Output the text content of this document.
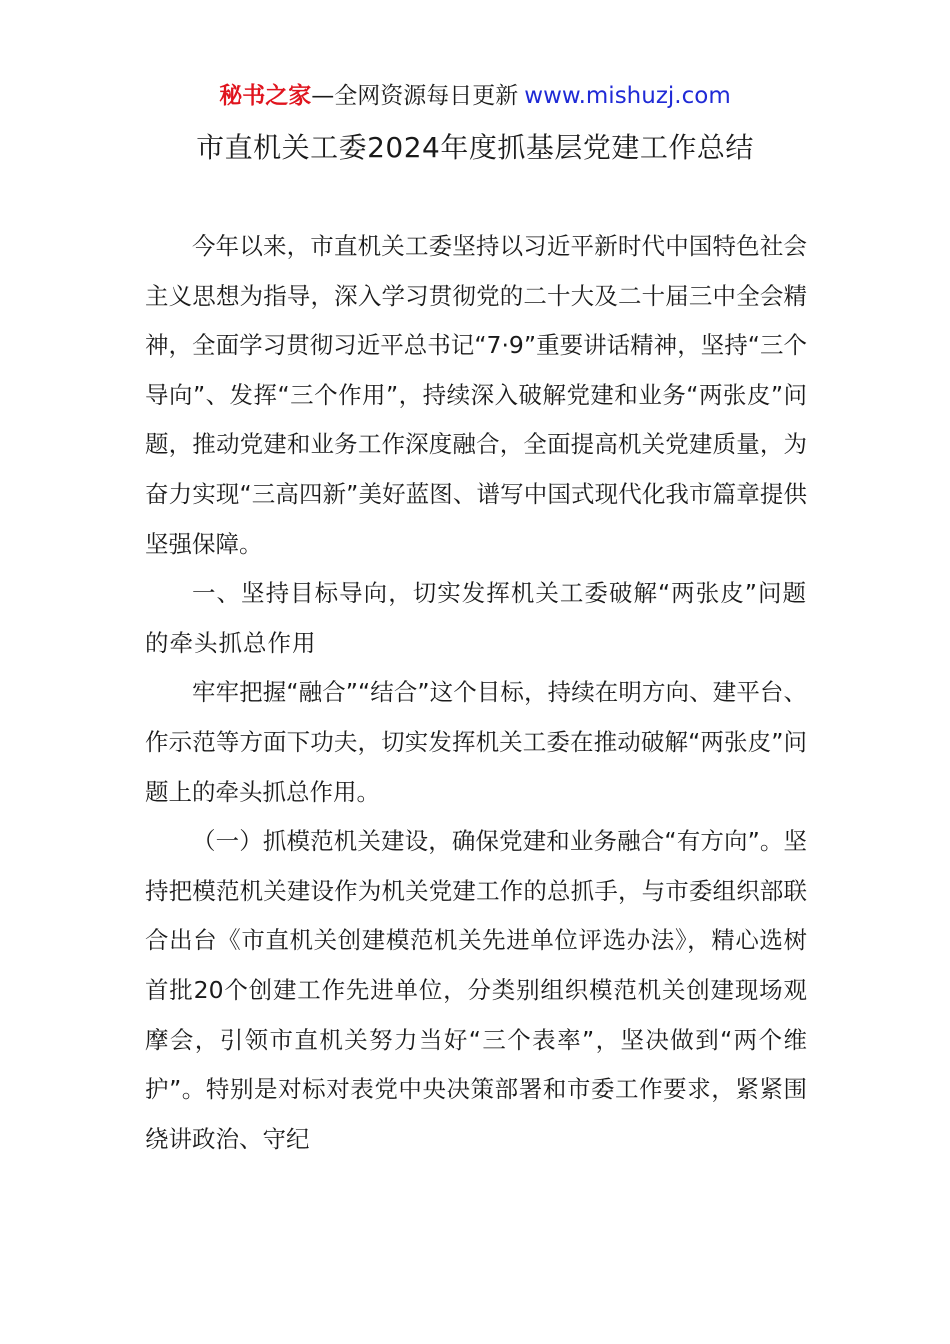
秘书之家—全网资源每日更新 www.mishuzj.com
市直机关工委2024年度抓基层党建工作总结

今年以来，市直机关工委坚持以习近平新时代中国特色社会主义思想为指导，深入学习贯彻党的二十大及二十届三中全会精神，全面学习贯彻习近平总书记“7·9”重要讲话精神，坚持“三个导向”、发挥“三个作用”，持续深入破解党建和业务“两张皮”问题，推动党建和业务工作深度融合，全面提高机关党建质量，为奋力实现“三高四新”美好蓝图、谱写中国式现代化我市篇章提供坚强保障。

一、坚持目标导向，切实发挥机关工委破解“两张皮”问题的牵头抓总作用

牢牢把握“融合”“结合”这个目标，持续在明方向、建平台、作示范等方面下功夫，切实发挥机关工委在推动破解“两张皮”问题上的牵头抓总作用。

（一）抓模范机关建设，确保党建和业务融合“有方向”。坚持把模范机关建设作为机关党建工作的总抓手，与市委组织部联合出台《市直机关创建模范机关先进单位评选办法》，精心选树首批20个创建工作先进单位，分类别组织模范机关创建现场观摩会，引领市直机关努力当好“三个表率”，坚决做到“两个维护”。特别是对标对表党中央决策部署和市委工作要求，紧紧围绕讲政治、守纪
